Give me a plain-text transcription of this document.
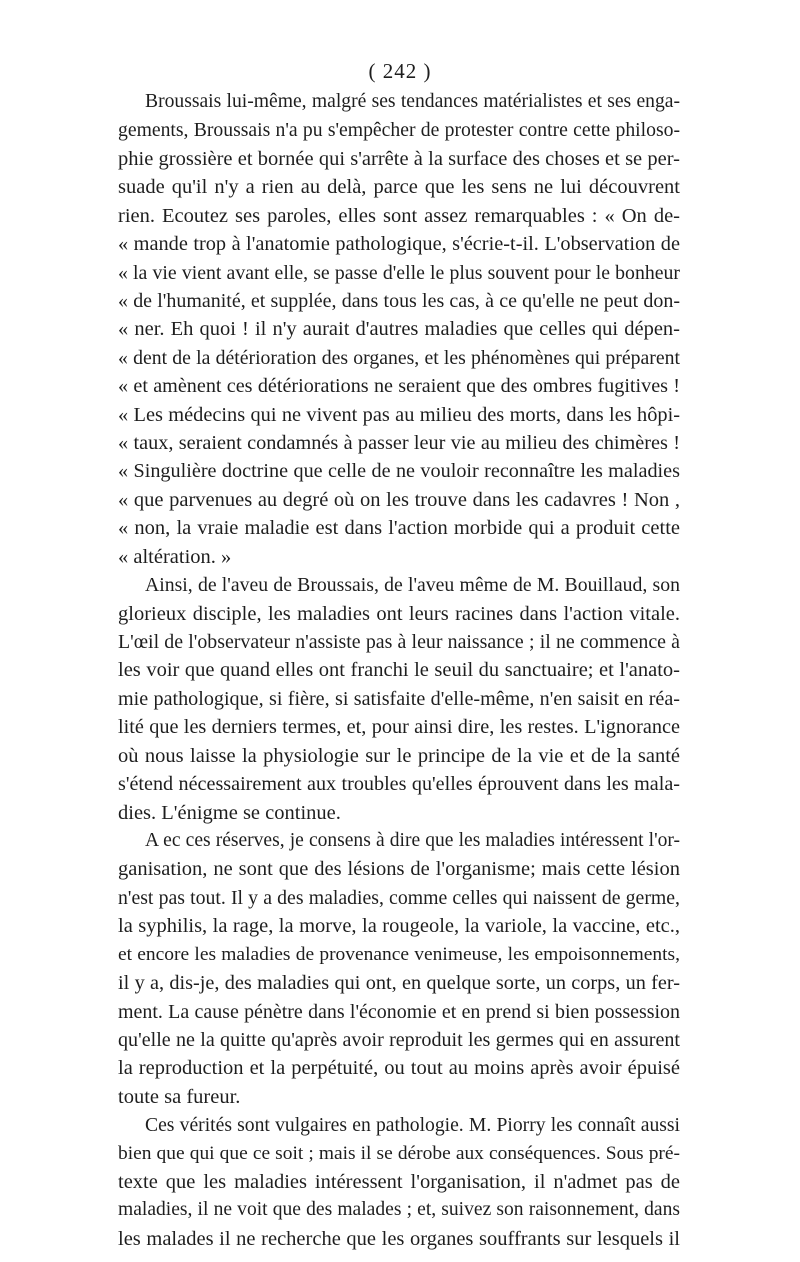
( 242 )
Broussais lui-même, malgré ses tendances matérialistes et ses enga-
gements, Broussais n'a pu s'empêcher de protester contre cette philoso-
phie grossière et bornée qui s'arrête à la surface des choses et se per-
suade qu'il n'y a rien au delà, parce que les sens ne lui découvrent
rien. Ecoutez ses paroles, elles sont assez remarquables : « On de-
« mande trop à l'anatomie pathologique, s'écrie-t-il. L'observation de
« la vie vient avant elle, se passe d'elle le plus souvent pour le bonheur
« de l'humanité, et supplée, dans tous les cas, à ce qu'elle ne peut don-
« ner. Eh quoi ! il n'y aurait d'autres maladies que celles qui dépen-
« dent de la détérioration des organes, et les phénomènes qui préparent
« et amènent ces détériorations ne seraient que des ombres fugitives !
« Les médecins qui ne vivent pas au milieu des morts, dans les hôpi-
« taux, seraient condamnés à passer leur vie au milieu des chimères !
« Singulière doctrine que celle de ne vouloir reconnaître les maladies
« que parvenues au degré où on les trouve dans les cadavres ! Non ,
« non, la vraie maladie est dans l'action morbide qui a produit cette
« altération. »
Ainsi, de l'aveu de Broussais, de l'aveu même de M. Bouillaud, son
glorieux disciple, les maladies ont leurs racines dans l'action vitale.
L'œil de l'observateur n'assiste pas à leur naissance ; il ne commence à
les voir que quand elles ont franchi le seuil du sanctuaire; et l'anato-
mie pathologique, si fière, si satisfaite d'elle-même, n'en saisit en réa-
lité que les derniers termes, et, pour ainsi dire, les restes. L'ignorance
où nous laisse la physiologie sur le principe de la vie et de la santé
s'étend nécessairement aux troubles qu'elles éprouvent dans les mala-
dies. L'énigme se continue.
A ec ces réserves, je consens à dire que les maladies intéressent l'or-
ganisation, ne sont que des lésions de l'organisme; mais cette lésion
n'est pas tout. Il y a des maladies, comme celles qui naissent de germe,
la syphilis, la rage, la morve, la rougeole, la variole, la vaccine, etc.,
et encore les maladies de provenance venimeuse, les empoisonnements,
il y a, dis-je, des maladies qui ont, en quelque sorte, un corps, un fer-
ment. La cause pénètre dans l'économie et en prend si bien possession
qu'elle ne la quitte qu'après avoir reproduit les germes qui en assurent
la reproduction et la perpétuité, ou tout au moins après avoir épuisé
toute sa fureur.
Ces vérités sont vulgaires en pathologie. M. Piorry les connaît aussi
bien que qui que ce soit ; mais il se dérobe aux conséquences. Sous pré-
texte que les maladies intéressent l'organisation, il n'admet pas de
maladies, il ne voit que des malades ; et, suivez son raisonnement, dans
les malades il ne recherche que les organes souffrants sur lesquels il
